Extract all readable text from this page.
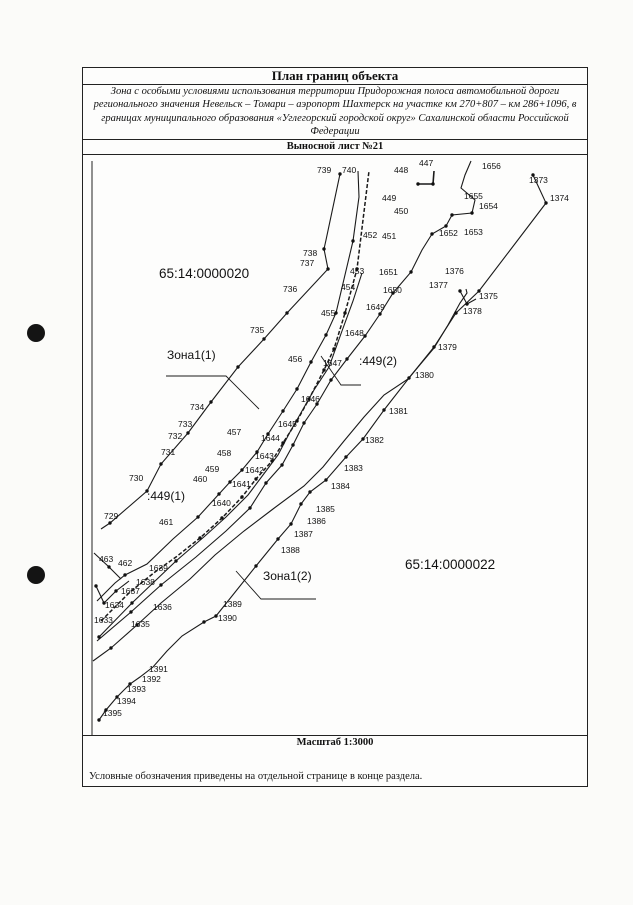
План границ объекта
Зона с особыми условиями использования территории Придорожная полоса автомобильной дороги регионального значения Невельск – Томари – аэропорт Шахтерск на участке км 270+807 – км 286+1096, в границах муниципального образования «Углегорский городской округ» Сахалинской области Российской Федерации
Выносной лист №21
65:14:0000020
65:14:0000022
Зона1(1)
Зона1(2)
:449(1)
:449(2)
739 740
737
738
736
735
734
733
732
731
730
729
448
447
449
450
451
452
453
454
455
456
457
458
459
460
461
462
463
1656
1655
1654
1653
1652
1651
1650
1649
1648
1647
1646
1645
1644
1643
1642
1641
1640
1639
1638
1637
1636
1635
1634
1633
1373
1374
1375
1376
1377
1378
1379
1380
1381
1382
1383
1384
1385
1386
1387
1388
1389
1390
1391
1392
1393
1394
1395
Масштаб 1:3000
Условные обозначения приведены на отдельной странице в конце раздела.
